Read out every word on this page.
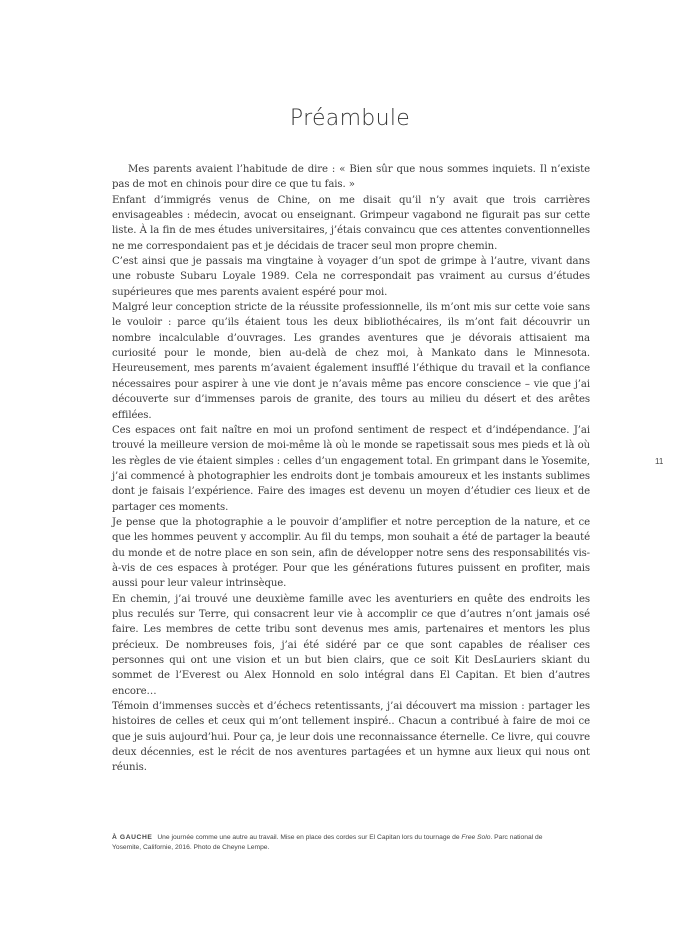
Préambule

Mes parents avaient l’habitude de dire : « Bien sûr que nous sommes inquiets. Il n’existe pas de mot en chinois pour dire ce que tu fais. »

Enfant d’immigrés venus de Chine, on me disait qu’il n’y avait que trois carrières envisageables : médecin, avocat ou enseignant. Grimpeur vagabond ne figurait pas sur cette liste. À la fin de mes études universitaires, j’étais convaincu que ces attentes conventionnelles ne me correspondaient pas et je décidais de tracer seul mon propre chemin.

C’est ainsi que je passais ma vingtaine à voyager d’un spot de grimpe à l’autre, vivant dans une robuste Subaru Loyale 1989. Cela ne correspondait pas vraiment au cursus d’études supérieures que mes parents avaient espéré pour moi.

Malgré leur conception stricte de la réussite professionnelle, ils m’ont mis sur cette voie sans le vouloir : parce qu’ils étaient tous les deux bibliothécaires, ils m’ont fait découvrir un nombre incalculable d’ouvrages. Les grandes aventures que je dévorais attisaient ma curiosité pour le monde, bien au-delà de chez moi, à Mankato dans le Minnesota. Heureusement, mes parents m’avaient également insufflé l’éthique du travail et la confiance nécessaires pour aspirer à une vie dont je n’avais même pas encore conscience – vie que j’ai découverte sur d’immenses parois de granite, des tours au milieu du désert et des arêtes effilées.

Ces espaces ont fait naître en moi un profond sentiment de respect et d’indépendance. J’ai trouvé la meilleure version de moi-même là où le monde se rapetissait sous mes pieds et là où les règles de vie étaient simples : celles d’un engagement total. En grimpant dans le Yosemite, j’ai commencé à photographier les endroits dont je tombais amoureux et les instants sublimes dont je faisais l’expérience. Faire des images est devenu un moyen d’étudier ces lieux et de partager ces moments.

Je pense que la photographie a le pouvoir d’amplifier et notre perception de la nature, et ce que les hommes peuvent y accomplir. Au fil du temps, mon souhait a été de partager la beauté du monde et de notre place en son sein, afin de développer notre sens des responsabilités vis-à-vis de ces espaces à protéger. Pour que les générations futures puissent en profiter, mais aussi pour leur valeur intrinsèque.

En chemin, j’ai trouvé une deuxième famille avec les aventuriers en quête des endroits les plus reculés sur Terre, qui consacrent leur vie à accomplir ce que d’autres n’ont jamais osé faire. Les membres de cette tribu sont devenus mes amis, partenaires et mentors les plus précieux. De nombreuses fois, j’ai été sidéré par ce que sont capables de réaliser ces personnes qui ont une vision et un but bien clairs, que ce soit Kit DesLauriers skiant du sommet de l’Everest ou Alex Honnold en solo intégral dans El Capitan. Et bien d’autres encore…

Témoin d’immenses succès et d’échecs retentissants, j’ai découvert ma mission : partager les histoires de celles et ceux qui m’ont tellement inspiré.. Chacun a contribué à faire de moi ce que je suis aujourd’hui. Pour ça, je leur dois une reconnaissance éternelle. Ce livre, qui couvre deux décennies, est le récit de nos aventures partagées et un hymne aux lieux qui nous ont réunis.

11
À GAUCHE Une journée comme une autre au travail. Mise en place des cordes sur El Capitan lors du tournage de Free Solo. Parc national de Yosemite, Californie, 2016. Photo de Cheyne Lempe.
